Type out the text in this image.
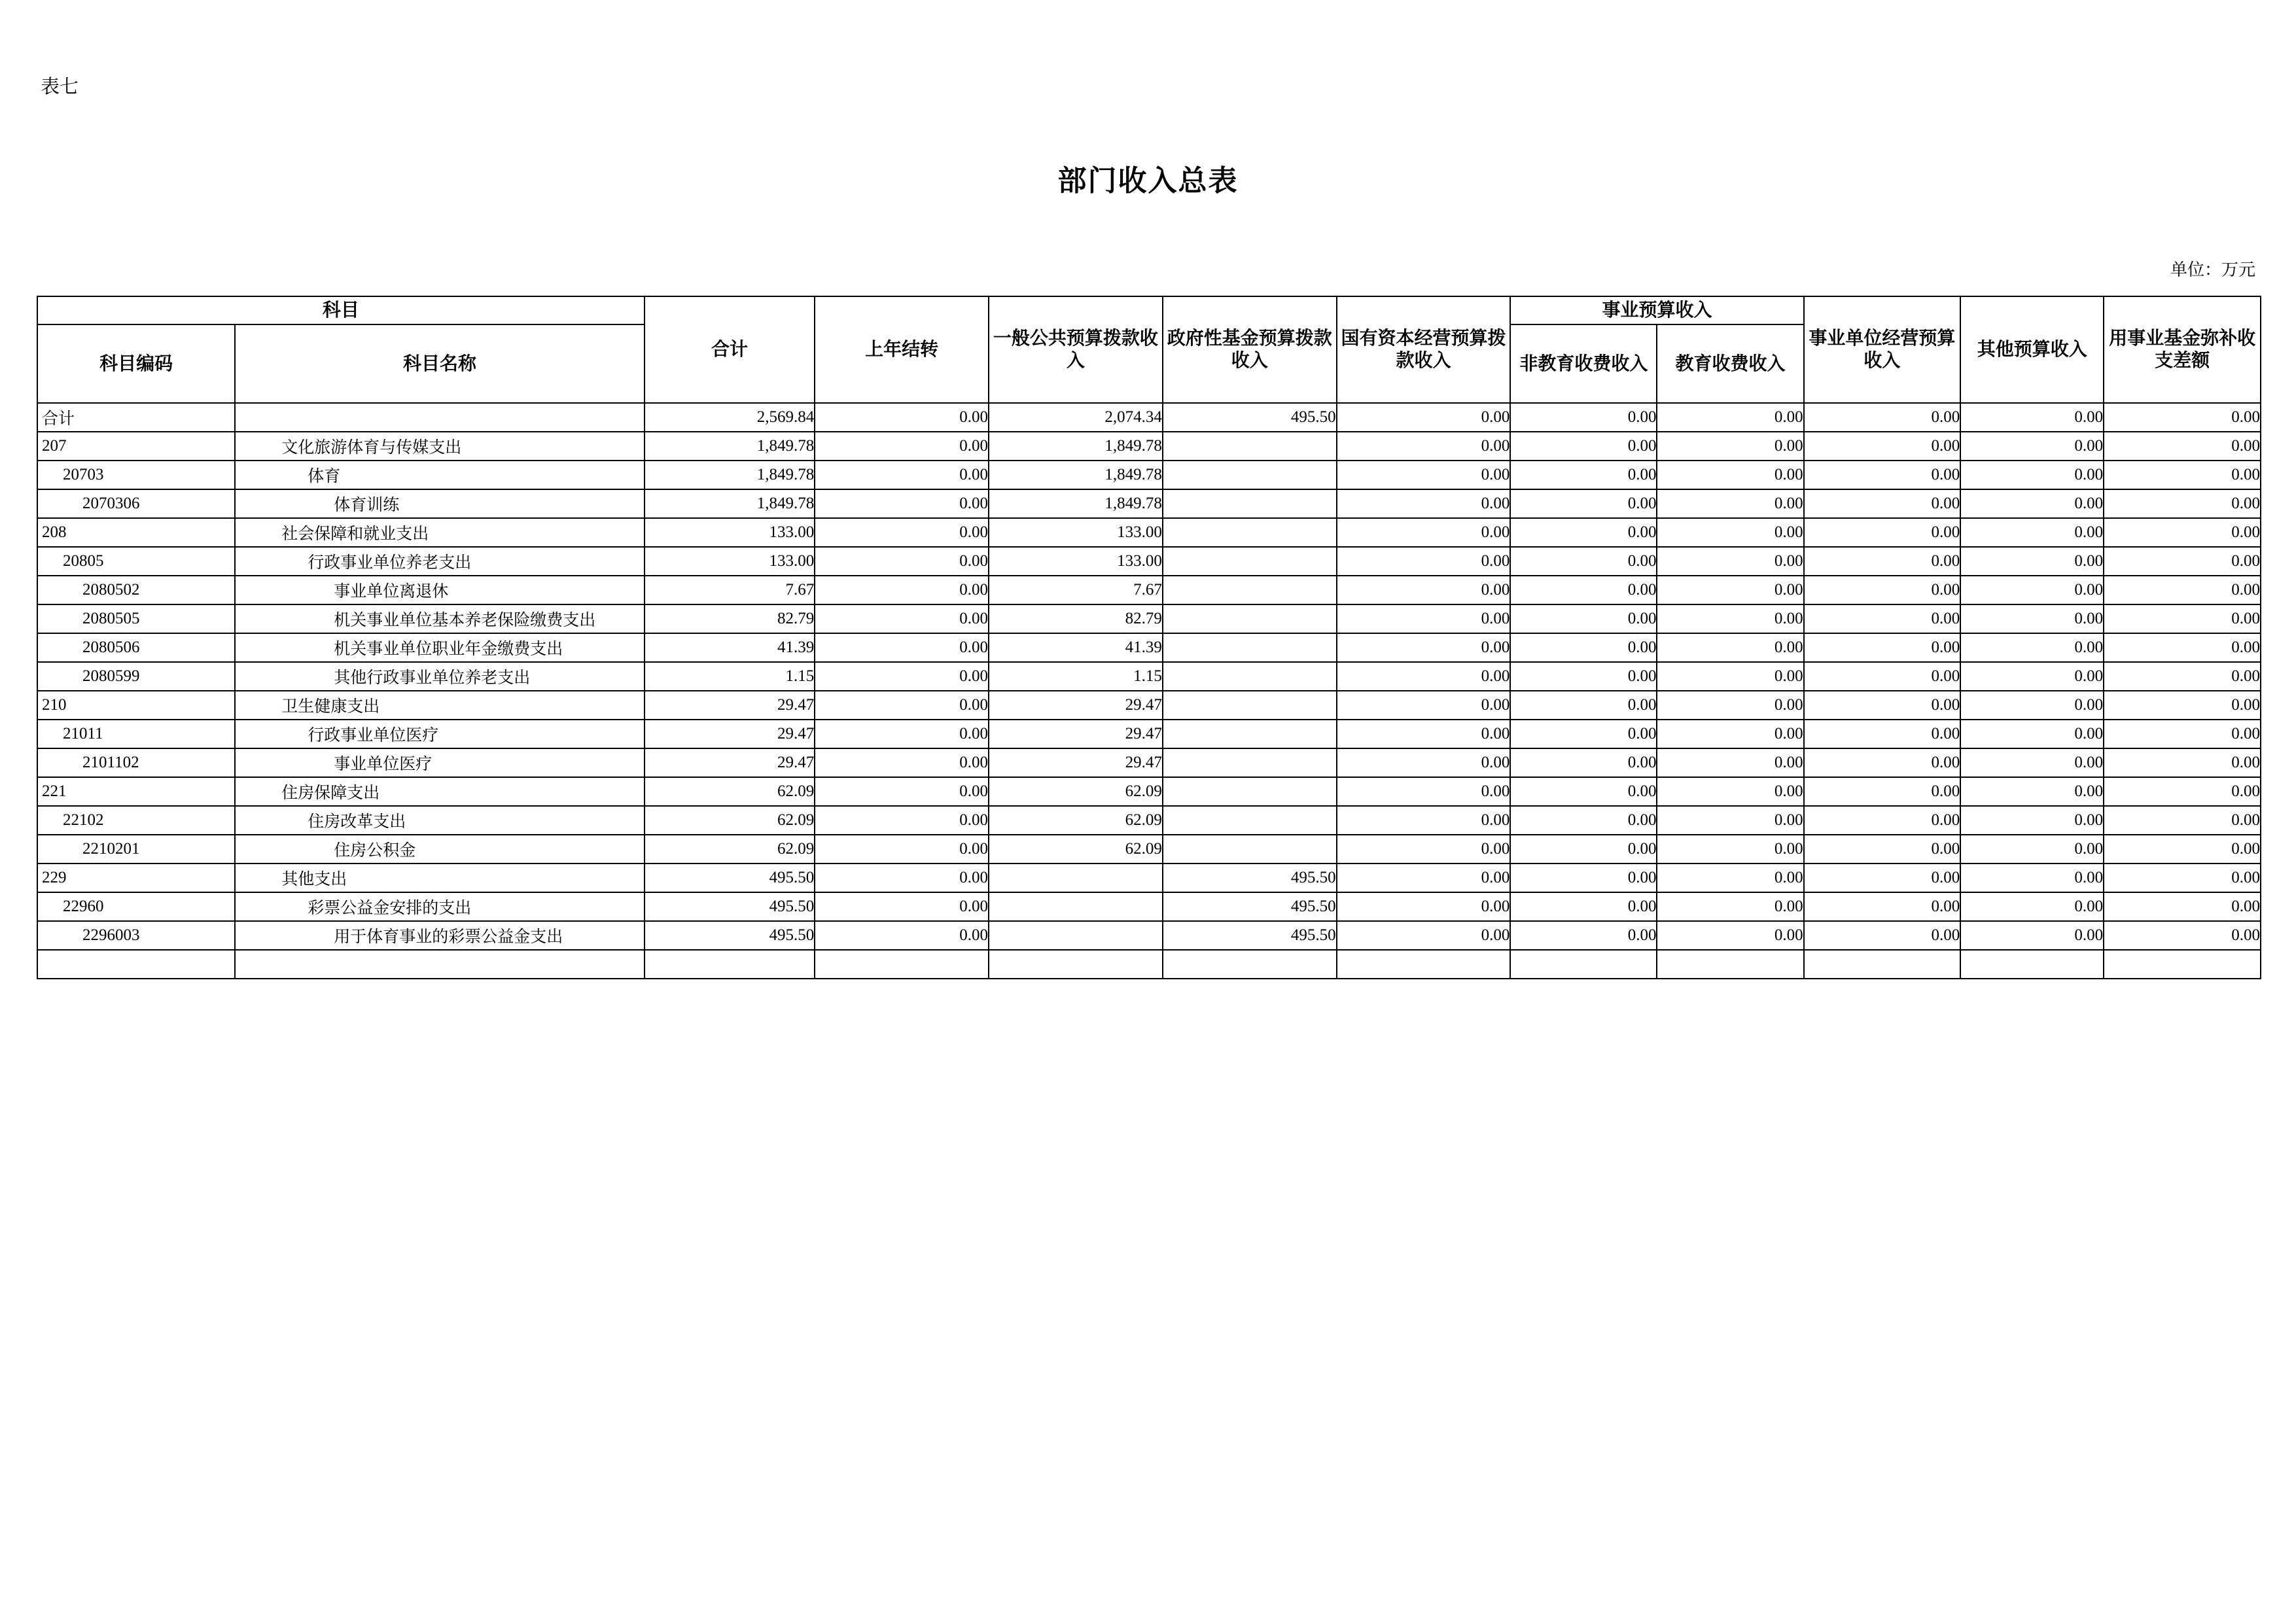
表七
部门收入总表
单位：万元
科目		合计	上年结转	一般公共预算拨款收入	政府性基金预算拨款收入	国有资本经营预算拨款收入	事业预算收入		事业单位经营预算收入	其他预算收入	用事业基金弥补收支差额
科目编码	科目名称						非教育收费收入	教育收费收入			
合计		2,569.84	0.00	2,074.34	495.50	0.00	0.00	0.00	0.00	0.00	0.00
207	文化旅游体育与传媒支出	1,849.78	0.00	1,849.78		0.00	0.00	0.00	0.00	0.00	0.00
20703	体育	1,849.78	0.00	1,849.78		0.00	0.00	0.00	0.00	0.00	0.00
2070306	体育训练	1,849.78	0.00	1,849.78		0.00	0.00	0.00	0.00	0.00	0.00
208	社会保障和就业支出	133.00	0.00	133.00		0.00	0.00	0.00	0.00	0.00	0.00
20805	行政事业单位养老支出	133.00	0.00	133.00		0.00	0.00	0.00	0.00	0.00	0.00
2080502	事业单位离退休	7.67	0.00	7.67		0.00	0.00	0.00	0.00	0.00	0.00
2080505	机关事业单位基本养老保险缴费支出	82.79	0.00	82.79		0.00	0.00	0.00	0.00	0.00	0.00
2080506	机关事业单位职业年金缴费支出	41.39	0.00	41.39		0.00	0.00	0.00	0.00	0.00	0.00
2080599	其他行政事业单位养老支出	1.15	0.00	1.15		0.00	0.00	0.00	0.00	0.00	0.00
210	卫生健康支出	29.47	0.00	29.47		0.00	0.00	0.00	0.00	0.00	0.00
21011	行政事业单位医疗	29.47	0.00	29.47		0.00	0.00	0.00	0.00	0.00	0.00
2101102	事业单位医疗	29.47	0.00	29.47		0.00	0.00	0.00	0.00	0.00	0.00
221	住房保障支出	62.09	0.00	62.09		0.00	0.00	0.00	0.00	0.00	0.00
22102	住房改革支出	62.09	0.00	62.09		0.00	0.00	0.00	0.00	0.00	0.00
2210201	住房公积金	62.09	0.00	62.09		0.00	0.00	0.00	0.00	0.00	0.00
229	其他支出	495.50	0.00		495.50	0.00	0.00	0.00	0.00	0.00	0.00
22960	彩票公益金安排的支出	495.50	0.00		495.50	0.00	0.00	0.00	0.00	0.00	0.00
2296003	用于体育事业的彩票公益金支出	495.50	0.00		495.50	0.00	0.00	0.00	0.00	0.00	0.00
